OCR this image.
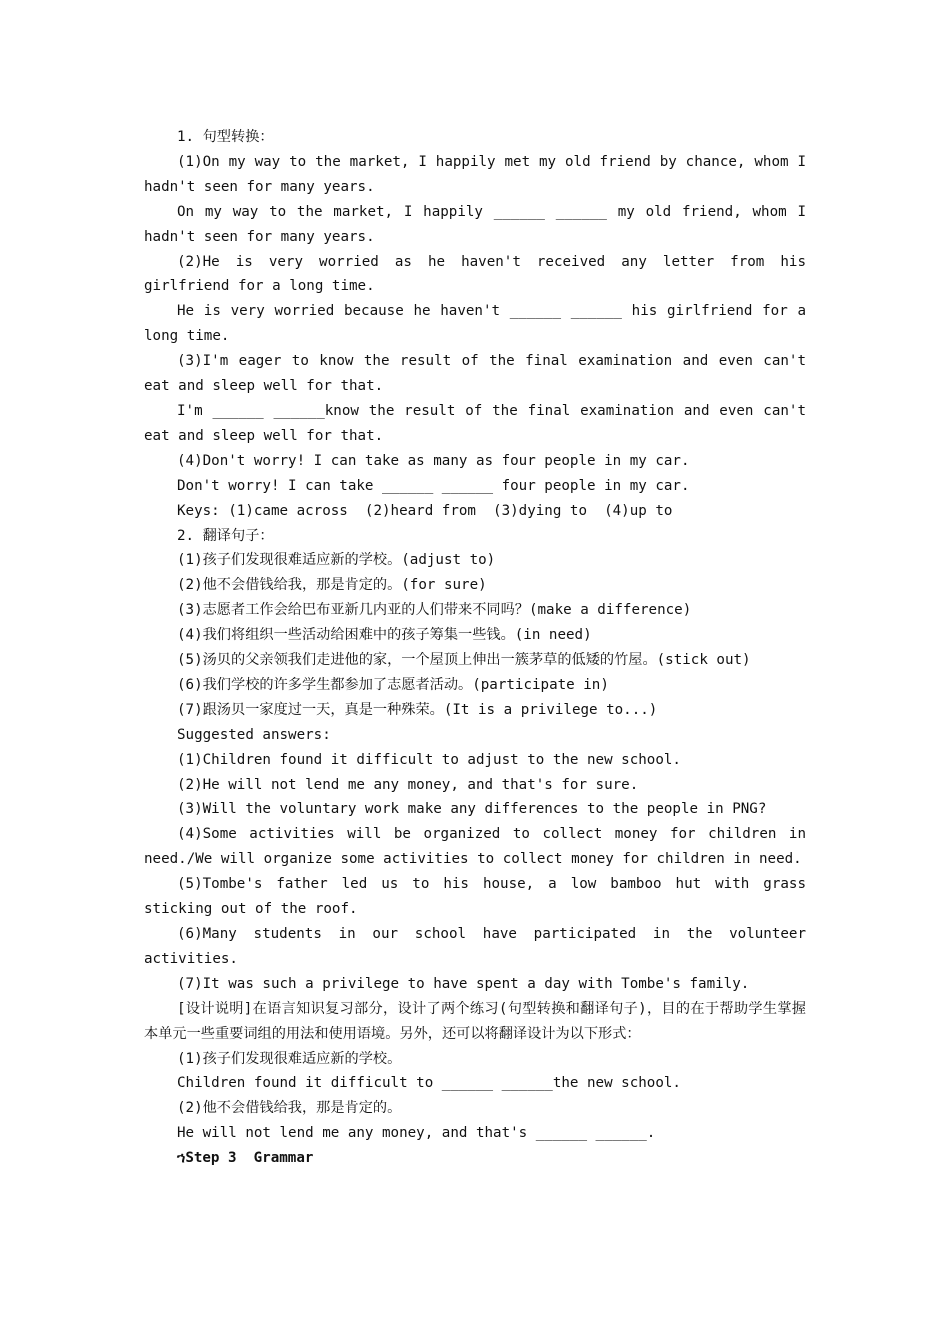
1. 句型转换：

(1)On my way to the market, I happily met my old friend by chance, whom I hadn't seen for many years.

On my way to the market, I happily ______ ______ my old friend, whom I hadn't seen for many years.

(2)He is very worried as he haven't received any letter from his girlfriend for a long time.

He is very worried because he haven't ______ ______ his girlfriend for a long time.

(3)I'm eager to know the result of the final examination and even can't eat and sleep well for that.

I'm ______ ______know the result of the final examination and even can't eat and sleep well for that.

(4)Don't worry! I can take as many as four people in my car.

Don't worry! I can take ______ ______ four people in my car.

Keys: (1)came across  (2)heard from  (3)dying to  (4)up to

2. 翻译句子：

(1)孩子们发现很难适应新的学校。(adjust to)

(2)他不会借钱给我，那是肯定的。(for sure)

(3)志愿者工作会给巴布亚新几内亚的人们带来不同吗？(make a difference)

(4)我们将组织一些活动给困难中的孩子筹集一些钱。(in need)

(5)汤贝的父亲领我们走进他的家，一个屋顶上伸出一簇茅草的低矮的竹屋。(stick out)

(6)我们学校的许多学生都参加了志愿者活动。(participate in)

(7)跟汤贝一家度过一天，真是一种殊荣。(It is a privilege to...)

Suggested answers:

(1)Children found it difficult to adjust to the new school.

(2)He will not lend me any money, and that's for sure.

(3)Will the voluntary work make any differences to the people in PNG?

(4)Some activities will be organized to collect money for children in need./We will organize some activities to collect money for children in need.

(5)Tombe's father led us to his house, a low bamboo hut with grass sticking out of the roof.

(6)Many students in our school have participated in the volunteer activities.

(7)It was such a privilege to have spent a day with Tombe's family.

[设计说明]在语言知识复习部分，设计了两个练习(句型转换和翻译句子)，目的在于帮助学生掌握本单元一些重要词组的用法和使用语境。另外，还可以将翻译设计为以下形式：

(1)孩子们发现很难适应新的学校。

Children found it difficult to ______ ______the new school.

(2)他不会借钱给我，那是肯定的。

He will not lend me any money, and that's ______ ______.

ኀStep 3  Grammar
